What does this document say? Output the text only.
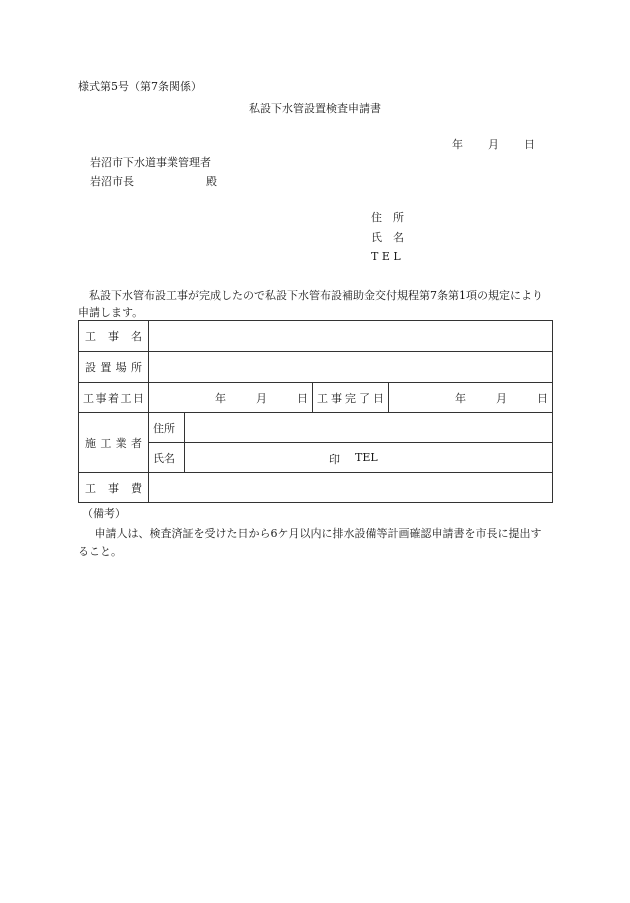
様式第5号（第7条関係）
私設下水管設置検査申請書
年 月 日
岩沼市下水道事業管理者
岩沼市長	殿
住　所
氏　名
T E L
私設下水管布設工事が完成したので私設下水管布設補助金交付規程第7条第1項の規定により申請します。
工事名				
設置場所				
工事着工日	年 月 日		工事完了日	年 月 日

施工業者	住所			
	氏名	印 TEL		

工事費				
（備考）
申請人は、検査済証を受けた日から6ケ月以内に排水設備等計画確認申請書を市長に提出すること。
